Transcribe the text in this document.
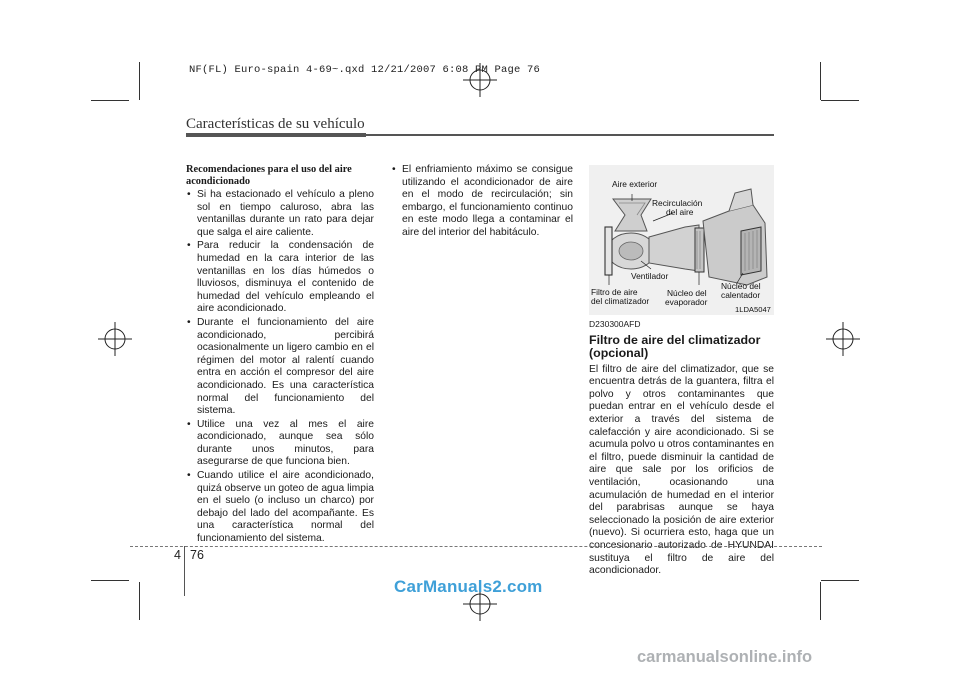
NF(FL) Euro-spain 4-69~.qxd 12/21/2007 6:08 PM Page 76
Características de su vehículo
Recomendaciones para el uso del aire acondicionado
• Si ha estacionado el vehículo a pleno sol en tiempo caluroso, abra las ventanillas durante un rato para dejar que salga el aire caliente.
• Para reducir la condensación de humedad en la cara interior de las ventanillas en los días húmedos o lluviosos, disminuya el contenido de humedad del vehículo empleando el aire acondicionado.
• Durante el funcionamiento del aire acondicionado, percibirá ocasionalmente un ligero cambio en el régimen del motor al ralentí cuando entra en acción el compresor del aire acondicionado. Es una característica normal del funcionamiento del sistema.
• Utilice una vez al mes el aire acondicionado, aunque sea sólo durante unos minutos, para asegurarse de que funciona bien.
• Cuando utilice el aire acondicionado, quizá observe un goteo de agua limpia en el suelo (o incluso un charco) por debajo del lado del acompañante. Es una característica normal del funcionamiento del sistema.
• El enfriamiento máximo se consigue utilizando el acondicionador de aire en el modo de recirculación; sin embargo, el funcionamiento continuo en este modo llega a contaminar el aire del interior del habitáculo.
Aire exterior
Recirculación
del aire
Ventilador
Filtro de aire
del climatizador
Núcleo del
evaporador
Núcleo del
calentador
1LDA5047
D230300AFD
Filtro de aire del climatizador (opcional)
El filtro de aire del climatizador, que se encuentra detrás de la guantera, filtra el polvo y otros contaminantes que puedan entrar en el vehículo desde el exterior a través del sistema de calefacción y aire acondicionado. Si se acumula polvo u otros contaminantes en el filtro, puede disminuir la cantidad de aire que sale por los orificios de ventilación, ocasionando una acumulación de humedad en el interior del parabrisas aunque se haya seleccionado la posición de aire exterior (nuevo). Si ocurriera esto, haga que un concesionario autorizado de HYUNDAI sustituya el filtro de aire del acondicionador.
4 76
CarManuals2.com
carmanualsonline.info
